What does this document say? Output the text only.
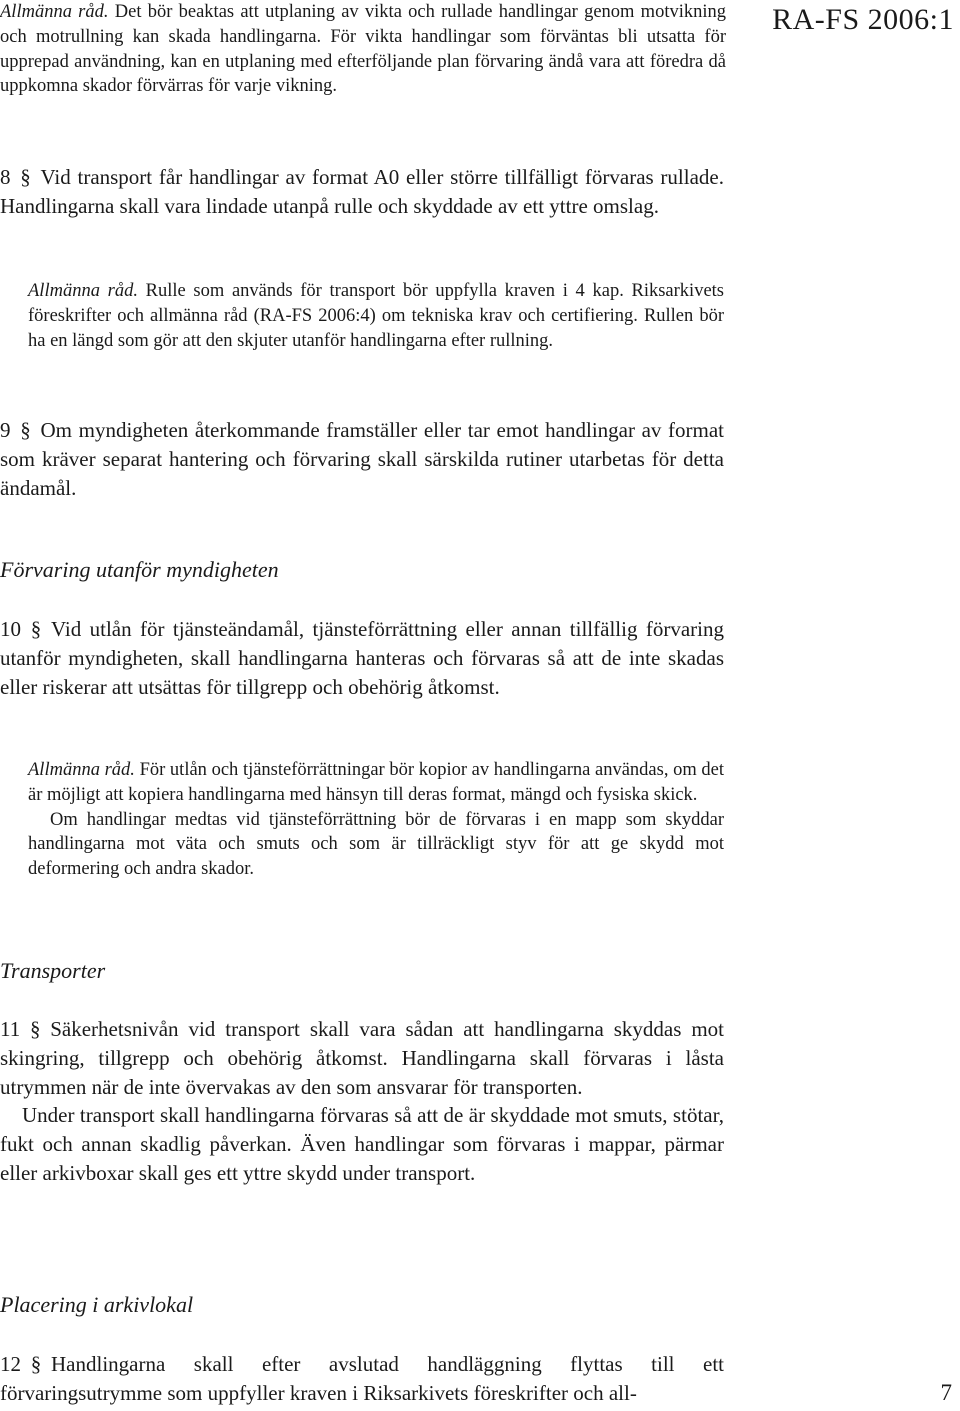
RA-FS 2006:1

Allmänna råd. Det bör beaktas att utplaning av vikta och rullade handlingar genom motvikning och motrullning kan skada handlingarna. För vikta handlingar som förväntas bli utsatta för upprepad användning, kan en utplaning med efterföljande plan förvaring ändå vara att föredra då uppkomna skador förvärras för varje vikning.

8 § Vid transport får handlingar av format A0 eller större tillfälligt förvaras rullade. Handlingarna skall vara lindade utanpå rulle och skyddade av ett yttre omslag.

Allmänna råd. Rulle som används för transport bör uppfylla kraven i 4 kap. Riksarkivets föreskrifter och allmänna råd (RA-FS 2006:4) om tekniska krav och certifiering. Rullen bör ha en längd som gör att den skjuter utanför handlingarna efter rullning.

9 § Om myndigheten återkommande framställer eller tar emot handlingar av format som kräver separat hantering och förvaring skall särskilda rutiner utarbetas för detta ändamål.

Förvaring utanför myndigheten

10 § Vid utlån för tjänsteändamål, tjänsteförrättning eller annan tillfällig förvaring utanför myndigheten, skall handlingarna hanteras och förvaras så att de inte skadas eller riskerar att utsättas för tillgrepp och obehörig åtkomst.

Allmänna råd. För utlån och tjänsteförrättningar bör kopior av handlingarna användas, om det är möjligt att kopiera handlingarna med hänsyn till deras format, mängd och fysiska skick.

Om handlingar medtas vid tjänsteförrättning bör de förvaras i en mapp som skyddar handlingarna mot väta och smuts och som är tillräckligt styv för att ge skydd mot deformering och andra skador.

Transporter

11 § Säkerhetsnivån vid transport skall vara sådan att handlingarna skyddas mot skingring, tillgrepp och obehörig åtkomst. Handlingarna skall förvaras i låsta utrymmen när de inte övervakas av den som ansvarar för transporten.

Under transport skall handlingarna förvaras så att de är skyddade mot smuts, stötar, fukt och annan skadlig påverkan. Även handlingar som förvaras i mappar, pärmar eller arkivboxar skall ges ett yttre skydd under transport.

Placering i arkivlokal

12 § Handlingarna skall efter avslutad handläggning flyttas till ett förvaringsutrymme som uppfyller kraven i Riksarkivets föreskrifter och all-	7
